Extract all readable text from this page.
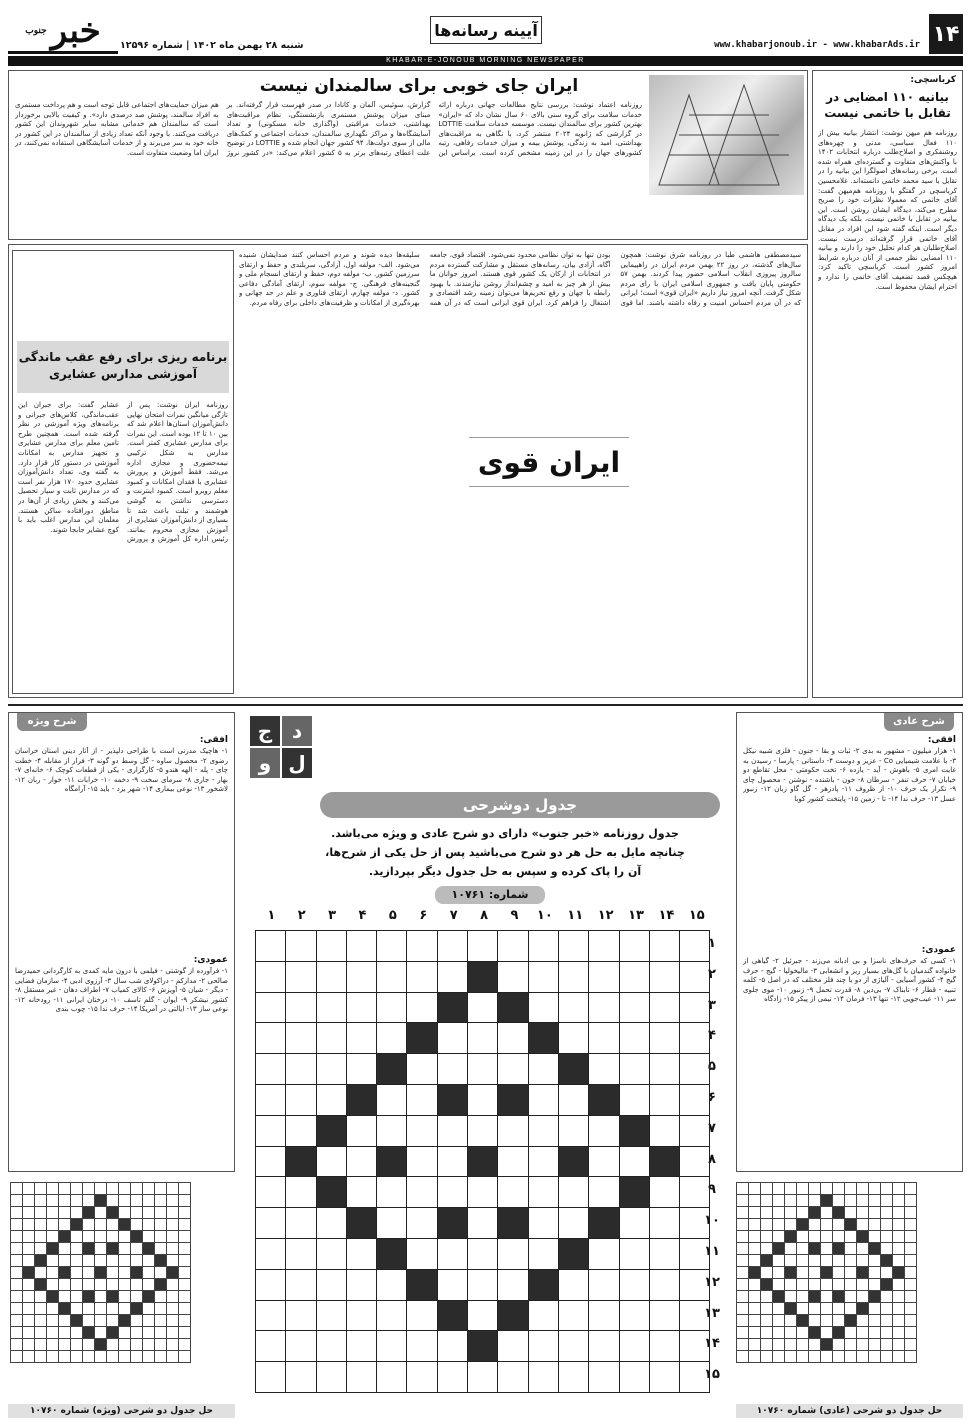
۱۴
آیینه رسانه‌ها
www.khabarjonoub.ir - www.khabarAds.ir
شنبه ۲۸ بهمن ماه ۱۴۰۲ | شماره ۱۲۵۹۶
خبر
جنوب
KHABAR-E-JONOUB MORNING NEWSPAPER
کرباسچی:
بیانیه ۱۱۰ امضایی در تقابل با خاتمی نیست
روزنامه هم میهن نوشت: انتشار بیانیه بیش از ۱۱۰ فعال سیاسی، مدنی و چهره‌های روشنفکری و اصلاح‌طلب درباره انتخابات ۱۴۰۲ با واکنش‌های متفاوت و گسترده‌ای همراه شده است. برخی رسانه‌های اصولگرا این بیانیه را در تقابل با سید محمد خاتمی دانسته‌اند. غلامحسین کرباسچی در گفتگو با روزنامه هم‌میهن گفت: آقای خاتمی که معمولا نظرات خود را صریح مطرح می‌کند، دیدگاه ایشان روشن است. این بیانیه در تقابل با خاتمی نیست، بلکه یک دیدگاه دیگر است. اینکه گفته شود این افراد در مقابل آقای خاتمی قرار گرفته‌اند درست نیست. اصلاح‌طلبان هر کدام تحلیل خود را دارند و بیانیه ۱۱۰ امضایی نظر جمعی از آنان درباره شرایط امروز کشور است. کرباسچی تاکید کرد: هیچکس قصد تضعیف آقای خاتمی را ندارد و احترام ایشان محفوظ است.
ایران جای خوبی برای سالمندان نیست
روزنامه اعتماد نوشت: بررسی نتایج مطالعات جهانی درباره ارائه خدمات سلامت برای گروه سنی بالای ۶۰ سال نشان داد که «ایران» بهترین کشور برای سالمندان نیست. موسسه خدمات سلامت LOTTIE در گزارشی که ژانویه ۲۰۲۴ منتشر کرد، با نگاهی به مراقبت‌های بهداشتی، امید به زندگی، پوشش بیمه و میزان خدمات رفاهی، رتبه کشورهای جهان را در این زمینه مشخص کرده است. براساس این گزارش، سوئیس، آلمان و کانادا در صدر فهرست قرار گرفته‌اند. بر مبنای میزان پوشش مستمری بازنشستگی، نظام مراقبت‌های بهداشتی، خدمات مراقبتی (واگذاری خانه مسکونی) و تعداد آسایشگاه‌ها و مراکز نگهداری سالمندان، خدمات اجتماعی و کمک‌های مالی از سوی دولت‌ها، ۹۴ کشور جهان انجام شده و LOTTIE در توضیح علت اعطای رتبه‌های برتر به ۵ کشور اعلام می‌کند: «در کشور نروژ هم میزان حمایت‌های اجتماعی قابل توجه است و هم پرداخت مستمری به افراد سالمند، پوشش صد درصدی دارد». و کیفیت بالایی برخوردار است که سالمندان هم خدماتی مشابه سایر شهروندان این کشور دریافت می‌کنند. با وجود آنکه تعداد زیادی از سالمندان در این کشور در خانه خود به سر می‌برند و از خدمات آسایشگاهی استفاده نمی‌کنند، در ایران اما وضعیت متفاوت است.
سیدمصطفی هاشمی طبا در روزنامه شرق نوشت: همچون سال‌های گذشته، در روز ۲۲ بهمن مردم ایران در راهپیمایی سالروز پیروزی انقلاب اسلامی حضور پیدا کردند. بهمن ۵۷ حکومتی پایان یافت و جمهوری اسلامی ایران با رای مردم شکل گرفت. آنچه امروز نیاز داریم «ایران قوی» است؛ ایرانی که در آن مردم احساس امنیت و رفاه داشته باشند. اما قوی بودن تنها به توان نظامی محدود نمی‌شود. اقتصاد قوی، جامعه آگاه، آزادی بیان، رسانه‌های مستقل و مشارکت گسترده مردم در انتخابات از ارکان یک کشور قوی هستند. امروز جوانان ما بیش از هر چیز به امید و چشم‌انداز روشن نیازمندند. با بهبود رابطه با جهان و رفع تحریم‌ها می‌توان زمینه رشد اقتصادی و اشتغال را فراهم کرد. ایران قوی ایرانی است که در آن همه سلیقه‌ها دیده شوند و مردم احساس کنند صدایشان شنیده می‌شود. الف- مولفه اول، آزادگی، سربلندی و حفظ و ارتقای سرزمین کشور. ب- مولفه دوم، حفظ و ارتقای انسجام ملی و گنجینه‌های فرهنگی. ج- مولفه سوم، ارتقای آمادگی دفاعی کشور. د- مولفه چهارم، ارتقای فناوری و علم در حد جهانی و بهره‌گیری از امکانات و ظرفیت‌های داخلی برای رفاه مردم.
ایران قوی
برنامه ریزی برای رفع عقب ماندگی آموزشی مدارس عشایری
روزنامه ایران نوشت: پس از تازگی میانگین نمرات امتحان نهایی دانش‌آموزان استان‌ها اعلام شد که بین ۱۰ تا ۱۲ بوده است. این نمرات برای مدارس عشایری کمتر است. مدارس به شکل ترکیبی نیمه‌حضوری و مجازی اداره می‌شد. فقط آموزش و پرورش عشایری با فقدان امکانات و کمبود معلم روبرو است. کمبود اینترنت و دسترسی نداشتن به گوشی هوشمند و تبلت باعث شد تا بسیاری از دانش‌آموزان عشایری از آموزش مجازی محروم بمانند. رئیس اداره کل آموزش و پرورش عشایر گفت: برای جبران این عقب‌ماندگی، کلاس‌های جبرانی و برنامه‌های ویژه آموزشی در نظر گرفته شده است. همچنین طرح تامین معلم برای مدارس عشایری و تجهیز مدارس به امکانات آموزشی در دستور کار قرار دارد. به گفته وی، تعداد دانش‌آموزان عشایری حدود ۱۷۰ هزار نفر است که در مدارس ثابت و سیار تحصیل می‌کنند و بخش زیادی از آن‌ها در مناطق دورافتاده ساکن هستند. معلمان این مدارس اغلب باید با کوچ عشایر جابجا شوند.
شرح عادی
افقی:
۱- هزار میلیون - مشهور به بدی ۲- ثبات و بقا - جنون - فلزی شبیه نیکل ۳- با علامت شیمیایی Co - عزیز و دوست ۴- داستانی - پارسا - رسیدن به غایت امری ۵- باهوش - آید - یازده ۶- تخت حکومتی - محل تقاطع دو خیابان ۷- حرف تنفر - سرطان ۸- خون - باشنده - نوشتن - محصول چای ۹- تکرار یک حرف ۱۰- از ظروف ۱۱- پادزهر - گل گاو زبان ۱۲- زنبور عسل ۱۳- حرف ندا ۱۴- تا - زمین ۱۵- پایتخت کشور کوبا
عمودی:
۱- کسی که حرف‌های ناسزا و بی ادبانه می‌زند - جبرئیل ۲- گیاهی از خانواده گندمیان با گل‌های بسیار ریز و انشعابی ۳- مالیخولیا - گیج - حرف گیج ۴- کشور آسیایی - آلیاژی از دو یا چند فلز مختلف که در اصل ۵- کلمه تنبیه - قطار ۶- تابناک ۷- بی‌دین ۸- قدرت تحمل ۹- زنبور ۱۰- موی جلوی سر ۱۱- عیب‌جویی ۱۲- تنها ۱۳- فرمان ۱۴- نیمی از پیکر ۱۵- زادگاه
شرح ویژه
افقی:
۱- هاچیک مدرنی است با طراحی دلپذیر - از آثار دینی استان خراسان رضوی ۲- محصول ساوه - گل وسط دو گونه ۳- فرار از مقابله ۴- خطت چای - پله - الهه هندو ۵- کارگزاری - یکی از قطعات کوچک ۶- خانه‌ای ۷- بهار - جاری ۸- سرمای سخت ۹- دخمه ۱۰- خرابات ۱۱- خوار - ربان ۱۲- لاشخور ۱۳- نوعی بیماری ۱۴- شهر یزد - باید ۱۵- آرامگاه
عمودی:
۱- فرآورده از گوشتی - فیلمی با درون مایه کمدی به کارگردانی حمیدرضا صالحی ۲- مدارکم - دراکولای شب سال ۳- آرزوی ادبی ۴- سازمان فضایی - دیگر - شیان ۵- آویزش ۶- کالای کمیاب ۷- اطراف دهان - غیر مستقل ۸- کشور نیشکر ۹- ایوان - گلم تاسف ۱۰- درختان ایرانی ۱۱- رودخانه ۱۲- نوعی ساز ۱۳- ایالتی در آمریکا ۱۴- حرف ندا ۱۵- چوب بندی
ج د
و ل
جدول دوشرحی
جدول روزنامه «خبر جنوب» دارای دو شرح عادی و ویژه می‌باشد. چنانچه مایل به حل هر دو شرح می‌باشید پس از حل یکی از شرح‌ها، آن را پاک کرده و سپس به حل جدول دیگر بپردازید.
شماره: ۱۰۷۶۱
۱۵
۱۴
۱۳
۱۲
۱۱
۱۰
۹
۸
۷
۶
۵
۴
۳
۲
۱
۱
۲
۳
۴
۵
۶
۷
۸
۹
۱۰
۱۱
۱۲
۱۳
۱۴
۱۵

حل جدول دو شرحی (عادی) شماره ۱۰۷۶۰
حل جدول دو شرحی (ویژه) شماره ۱۰۷۶۰
